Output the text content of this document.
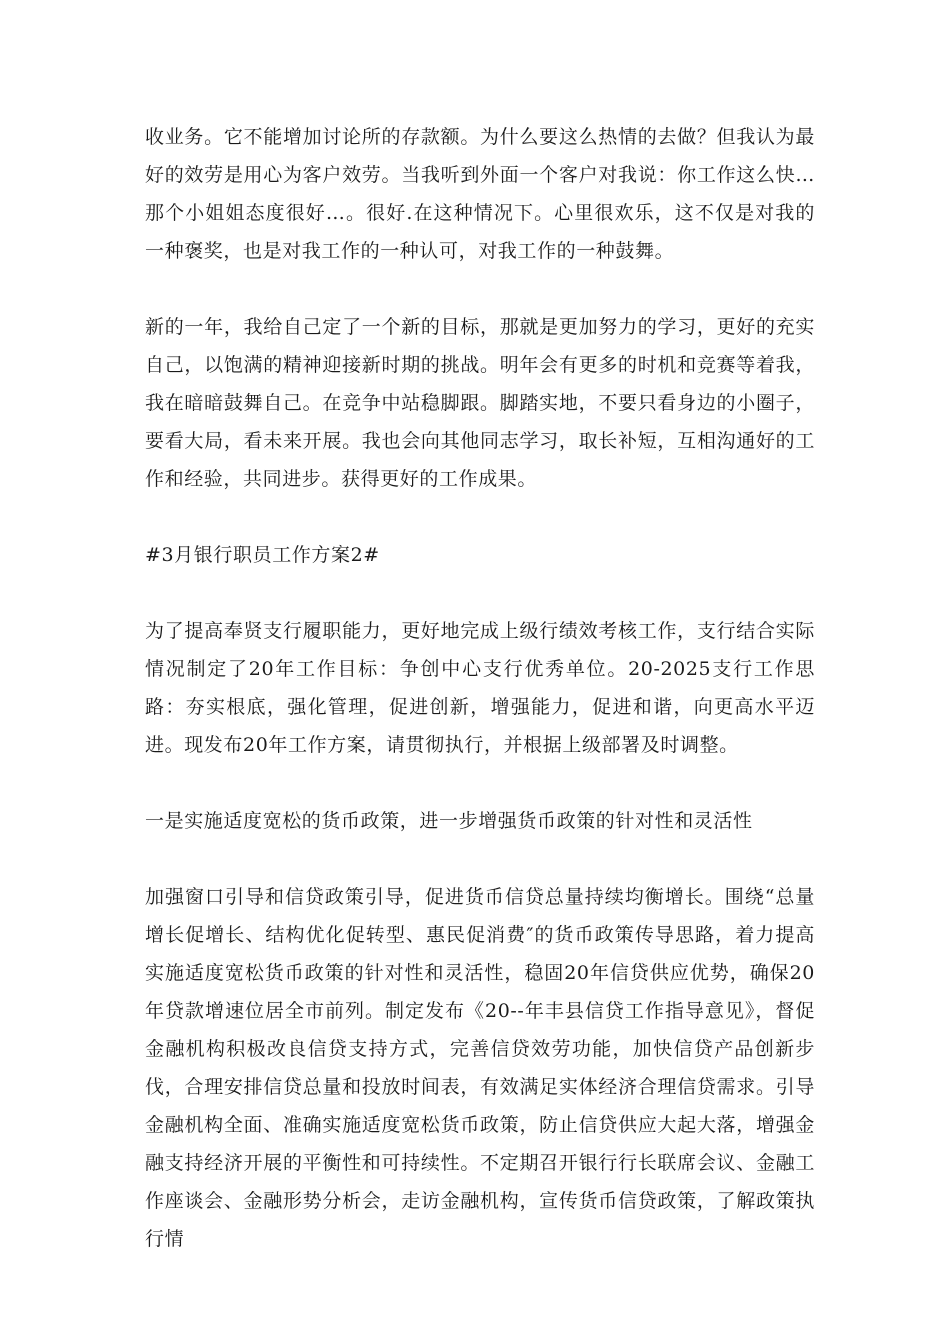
收业务。它不能增加讨论所的存款额。为什么要这么热情的去做？但我认为最好的效劳是用心为客户效劳。当我听到外面一个客户对我说：你工作这么快…那个小姐姐态度很好…。很好.在这种情况下。心里很欢乐，这不仅是对我的一种褒奖，也是对我工作的一种认可，对我工作的一种鼓舞。

新的一年，我给自己定了一个新的目标，那就是更加努力的学习，更好的充实自己，以饱满的精神迎接新时期的挑战。明年会有更多的时机和竞赛等着我，我在暗暗鼓舞自己。在竞争中站稳脚跟。脚踏实地，不要只看身边的小圈子，要看大局，看未来开展。我也会向其他同志学习，取长补短，互相沟通好的工作和经验，共同进步。获得更好的工作成果。

#3月银行职员工作方案2#

为了提高奉贤支行履职能力，更好地完成上级行绩效考核工作，支行结合实际情况制定了20年工作目标：争创中心支行优秀单位。20-2025支行工作思路：夯实根底，强化管理，促进创新，增强能力，促进和谐，向更高水平迈进。现发布20年工作方案，请贯彻执行，并根据上级部署及时调整。

一是实施适度宽松的货币政策，进一步增强货币政策的针对性和灵活性

加强窗口引导和信贷政策引导，促进货币信贷总量持续均衡增长。围绕“总量增长促增长、结构优化促转型、惠民促消费″的货币政策传导思路，着力提高实施适度宽松货币政策的针对性和灵活性，稳固20年信贷供应优势，确保20年贷款增速位居全市前列。制定发布《20--年丰县信贷工作指导意见》，督促金融机构积极改良信贷支持方式，完善信贷效劳功能，加快信贷产品创新步伐，合理安排信贷总量和投放时间表，有效满足实体经济合理信贷需求。引导金融机构全面、准确实施适度宽松货币政策，防止信贷供应大起大落，增强金融支持经济开展的平衡性和可持续性。不定期召开银行行长联席会议、金融工作座谈会、金融形势分析会，走访金融机构，宣传货币信贷政策，了解政策执行情
